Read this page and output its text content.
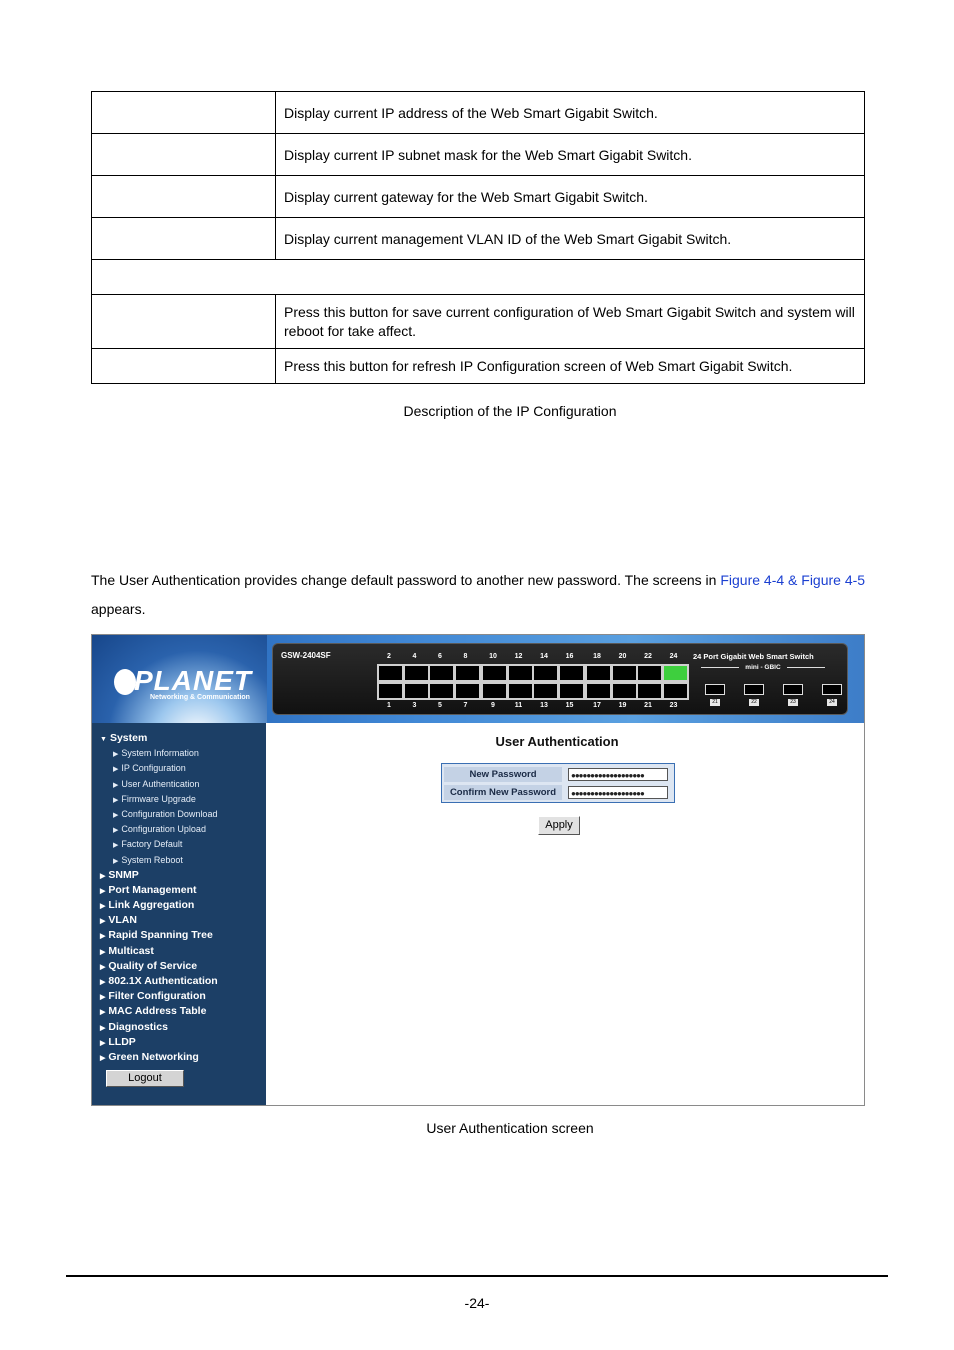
	Display current IP address of the Web Smart Gigabit Switch.
	Display current IP subnet mask for the Web Smart Gigabit Switch.
	Display current gateway for the Web Smart Gigabit Switch.
	Display current management VLAN ID of the Web Smart Gigabit Switch.

	Press this button for save current configuration of Web Smart Gigabit Switch and system will reboot for take affect.
	Press this button for refresh IP Configuration screen of Web Smart Gigabit Switch.
Description of the IP Configuration
The User Authentication provides change default password to another new password. The screens in Figure 4-4 & Figure 4-5 appears.
PLANET
Networking & Communication
GSW-2404SF	24 Port Gigabit Web Smart Switch
mini - GBIC
2
1
4
3
6
5
8
7
10
9
12
11
14
13
16
15
18
17
20
19
22
21
24
23	21	22	23	24
▼ System
▶ System Information
▶ IP Configuration
▶ User Authentication
▶ Firmware Upgrade
▶ Configuration Download
▶ Configuration Upload
▶ Factory Default
▶ System Reboot
▶ SNMP
▶ Port Management
▶ Link Aggregation
▶ VLAN
▶ Rapid Spanning Tree
▶ Multicast
▶ Quality of Service
▶ 802.1X Authentication
▶ Filter Configuration
▶ MAC Address Table
▶ Diagnostics
▶ LLDP
▶ Green Networking
Logout
User Authentication
New Password	●●●●●●●●●●●●●●●●●●●
Confirm New Password	●●●●●●●●●●●●●●●●●●●
Apply
User Authentication screen
-24-
